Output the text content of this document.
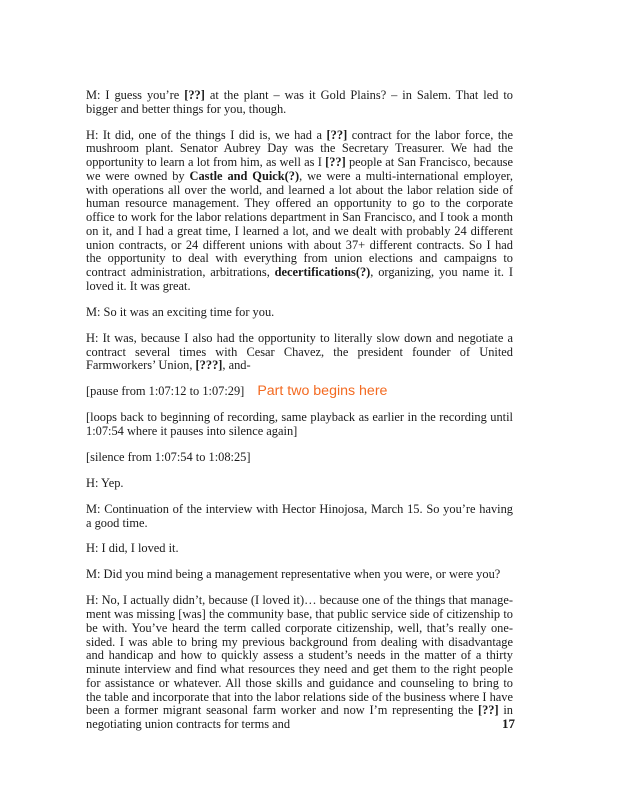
M: I guess you’re [??] at the plant – was it Gold Plains? – in Salem. That led to bigger and better things for you, though.

H: It did, one of the things I did is, we had a [??] contract for the labor force, the mushroom plant. Senator Aubrey Day was the Secretary Treasurer. We had the opportunity to learn a lot from him, as well as I [??] people at San Francisco, because we were owned by Castle and Quick(?), we were a multi-international employer, with operations all over the world, and learned a lot about the labor relation side of human resource management. They offered an opportunity to go to the corporate office to work for the labor relations department in San Francisco, and I took a month on it, and I had a great time, I learned a lot, and we dealt with probably 24 different union contracts, or 24 different unions with about 37+ different contracts. So I had the opportunity to deal with everything from union elections and campaigns to contract administration, arbitrations, decertifications(?), organizing, you name it. I loved it. It was great.

M: So it was an exciting time for you.

H: It was, because I also had the opportunity to literally slow down and negotiate a contract several times with Cesar Chavez, the president founder of United Farmworkers’ Union, [???], and-

[pause from 1:07:12 to 1:07:29] Part two begins here

[loops back to beginning of recording, same playback as earlier in the recording until 1:07:54 where it pauses into silence again]

[silence from 1:07:54 to 1:08:25]

H: Yep.

M: Continuation of the interview with Hector Hinojosa, March 15. So you’re having a good time.

H: I did, I loved it.

M: Did you mind being a management representative when you were, or were you?

H: No, I actually didn’t, because (I loved it)… because one of the things that management was missing [was] the community base, that public service side of citizenship to be with. You’ve heard the term called corporate citizenship, well, that’s really one-sided. I was able to bring my previous background from dealing with disadvantage and handicap and how to quickly assess a student’s needs in the matter of a thirty minute interview and find what resources they need and get them to the right people for assistance or whatever. All those skills and guidance and counseling to bring to the table and incorporate that into the labor relations side of the business where I have been a former migrant seasonal farm worker and now I’m representing the [??] in negotiating union contracts for terms and	17
